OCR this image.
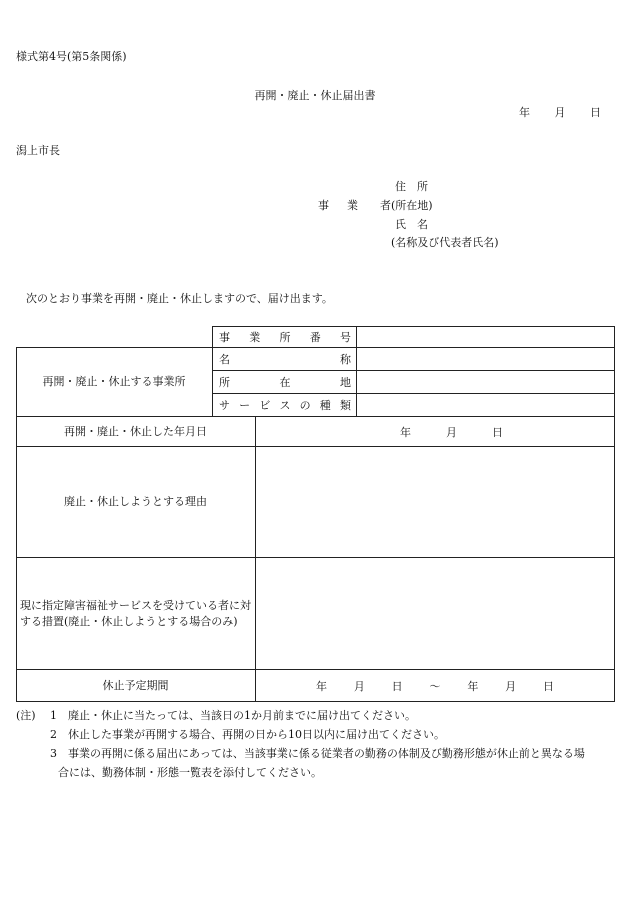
様式第4号(第5条関係)
再開・廃止・休止届出書
年 月 日
潟上市長
住　所
事 業 者 (所在地)
氏　名
(名称及び代表者氏名)
次のとおり事業を再開・廃止・休止しますので、届け出ます。
再開・廃止・休止する事業所
事 業 所 番 号
名	称
所	在	地
サ ー ビ ス の 種 類
再開・廃止・休止した年月日	年	月	日
廃止・休止しようとする理由
現に指定障害福祉サービスを受けている者に対する措置(廃止・休止しようとする場合のみ)
休止予定期間	年 月 日 ～ 年 月 日
(注) 1 廃止・休止に当たっては、当該日の1か月前までに届け出てください。
2 休止した事業が再開する場合、再開の日から10日以内に届け出てください。
3 事業の再開に係る届出にあっては、当該事業に係る従業者の勤務の体制及び勤務形態が休止前と異なる場
合には、勤務体制・形態一覧表を添付してください。
